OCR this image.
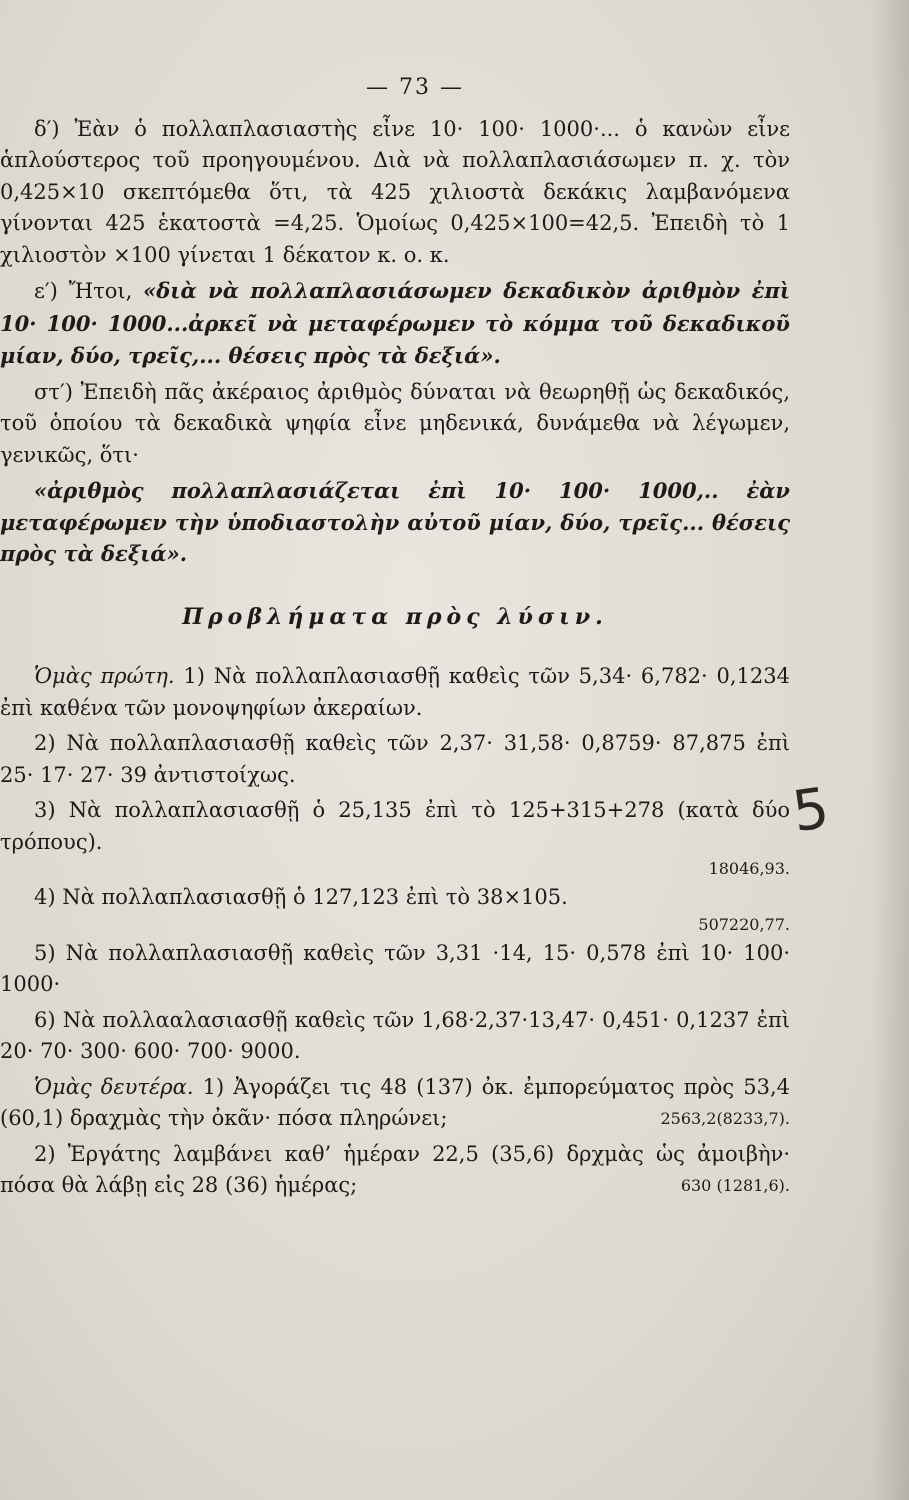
— 73 —

δ′) Ἐὰν ὁ πολλαπλασιαστὴς εἶνε 10· 100· 1000·... ὁ κανὼν εἶνε ἁπλούστερος τοῦ προηγουμένου. Διὰ νὰ πολλαπλασιάσωμεν π. χ. τὸν 0,425×10 σκεπτόμεθα ὅτι, τὰ 425 χιλιοστὰ δεκάκις λαμβανόμενα γίνονται 425 ἑκατοστὰ =4,25. Ὁμοίως 0,425×100=42,5. Ἐπειδὴ τὸ 1 χιλιοστὸν ×100 γίνεται 1 δέκατον κ. ο. κ.

ε′) Ἤτοι, «διὰ νὰ πολλαπλασιάσωμεν δεκαδικὸν ἀριθμὸν ἐπὶ 10· 100· 1000...ἀρκεῖ νὰ μεταφέρωμεν τὸ κόμμα τοῦ δεκαδικοῦ μίαν, δύο, τρεῖς,... θέσεις πρὸς τὰ δεξιά».

στ′) Ἐπειδὴ πᾶς ἀκέραιος ἀριθμὸς δύναται νὰ θεωρηθῇ ὡς δεκαδικός, τοῦ ὁποίου τὰ δεκαδικὰ ψηφία εἶνε μηδενικά, δυνάμεθα νὰ λέγωμεν, γενικῶς, ὅτι·

«ἀριθμὸς πολλαπλασιάζεται ἐπὶ 10· 100· 1000,.. ἐὰν μεταφέρωμεν τὴν ὑποδιαστολὴν αὐτοῦ μίαν, δύο, τρεῖς... θέσεις πρὸς τὰ δεξιά».

Προβλήματα πρὸς λύσιν.

Ὁμὰς πρώτη. 1) Νὰ πολλαπλασιασθῇ καθεὶς τῶν 5,34· 6,782· 0,1234 ἐπὶ καθένα τῶν μονοψηφίων ἀκεραίων.

2) Νὰ πολλαπλασιασθῇ καθεὶς τῶν 2,37· 31,58· 0,8759· 87,875 ἐπὶ 25· 17· 27· 39 ἀντιστοίχως.

3) Νὰ πολλαπλασιασθῇ ὁ 25,135 ἐπὶ τὸ 125+315+278 (κατὰ δύο τρόπους).

18046,93.

4) Νὰ πολλαπλασιασθῇ ὁ 127,123 ἐπὶ τὸ 38×105.

507220,77.

5) Νὰ πολλαπλασιασθῇ καθεὶς τῶν 3,31 ·14, 15· 0,578 ἐπὶ 10· 100· 1000·

6) Νὰ πολλααλασιασθῇ καθεὶς τῶν 1,68·2,37·13,47· 0,451· 0,1237 ἐπὶ 20· 70· 300· 600· 700· 9000.

Ὁμὰς δευτέρα. 1) Ἀγοράζει τις 48 (137) ὀκ. ἐμπορεύματος πρὸς 53,4 (60,1) δραχμὰς τὴν ὀκᾶν· πόσα πληρώνει;	2563,2(8233,7).

2) Ἐργάτης λαμβάνει καθ’ ἡμέραν 22,5 (35,6) δρχμὰς ὡς ἀμοιβὴν· πόσα θὰ λάβῃ εἰς 28 (36) ἡμέρας;	630 (1281,6).

5
